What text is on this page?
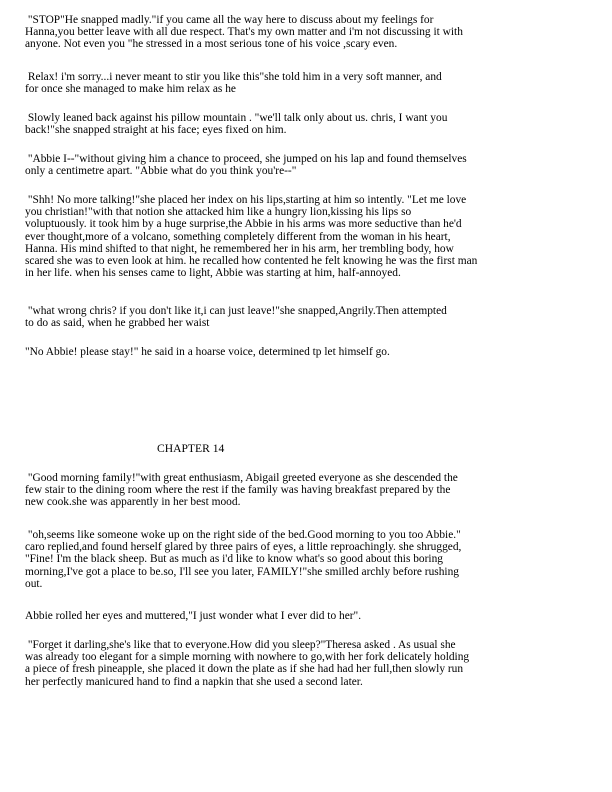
"STOP"He snapped madly."if you came all the way here to discuss about my feelings for
Hanna,you better leave with all due respect. That's my own matter and i'm not discussing it with
anyone. Not even you "he stressed in a most serious tone of his voice ,scary even.
Relax! i'm sorry...i never meant to stir you like this"she told him in a very soft manner, and
for once she managed to make him relax as he
Slowly leaned back against his pillow mountain . "we'll talk only about us. chris, I want you
back!"she snapped straight at his face; eyes fixed on him.
"Abbie I--"without giving him a chance to proceed, she jumped on his lap and found themselves
only a centimetre apart. "Abbie what do you think you're--"
"Shh! No more talking!"she placed her index on his lips,starting at him so intently. "Let me love
you christian!"with that notion she attacked him like a hungry lion,kissing his lips so
voluptuously. it took him by a huge surprise,the Abbie in his arms was more seductive than he'd
ever thought,more of a volcano, something completely different from the woman in his heart,
Hanna. His mind shifted to that night, he remembered her in his arm, her trembling body, how
scared she was to even look at him. he recalled how contented he felt knowing he was the first man
in her life. when his senses came to light, Abbie was starting at him, half-annoyed.
"what wrong chris? if you don't like it,i can just leave!"she snapped,Angrily.Then attempted
to do as said, when he grabbed her waist
"No Abbie! please stay!" he said in a hoarse voice, determined tp let himself go.
CHAPTER 14
"Good morning family!"with great enthusiasm, Abigail greeted everyone as she descended the
few stair to the dining room where the rest if the family was having breakfast prepared by the
new cook.she was apparently in her best mood.
"oh,seems like someone woke up on the right side of the bed.Good morning to you too Abbie."
caro replied,and found herself glared by three pairs of eyes, a little reproachingly. she shrugged,
"Fine! I'm the black sheep. But as much as i'd like to know what's so good about this boring
morning,I've got a place to be.so, I'll see you later, FAMILY!"she smilled archly before rushing
out.
Abbie rolled her eyes and muttered,"I just wonder what I ever did to her".
"Forget it darling,she's like that to everyone.How did you sleep?"Theresa asked . As usual she
was already too elegant for a simple morning with nowhere to go,with her fork delicately holding
a piece of fresh pineapple, she placed it down the plate as if she had had her full,then slowly run
her perfectly manicured hand to find a napkin that she used a second later.
